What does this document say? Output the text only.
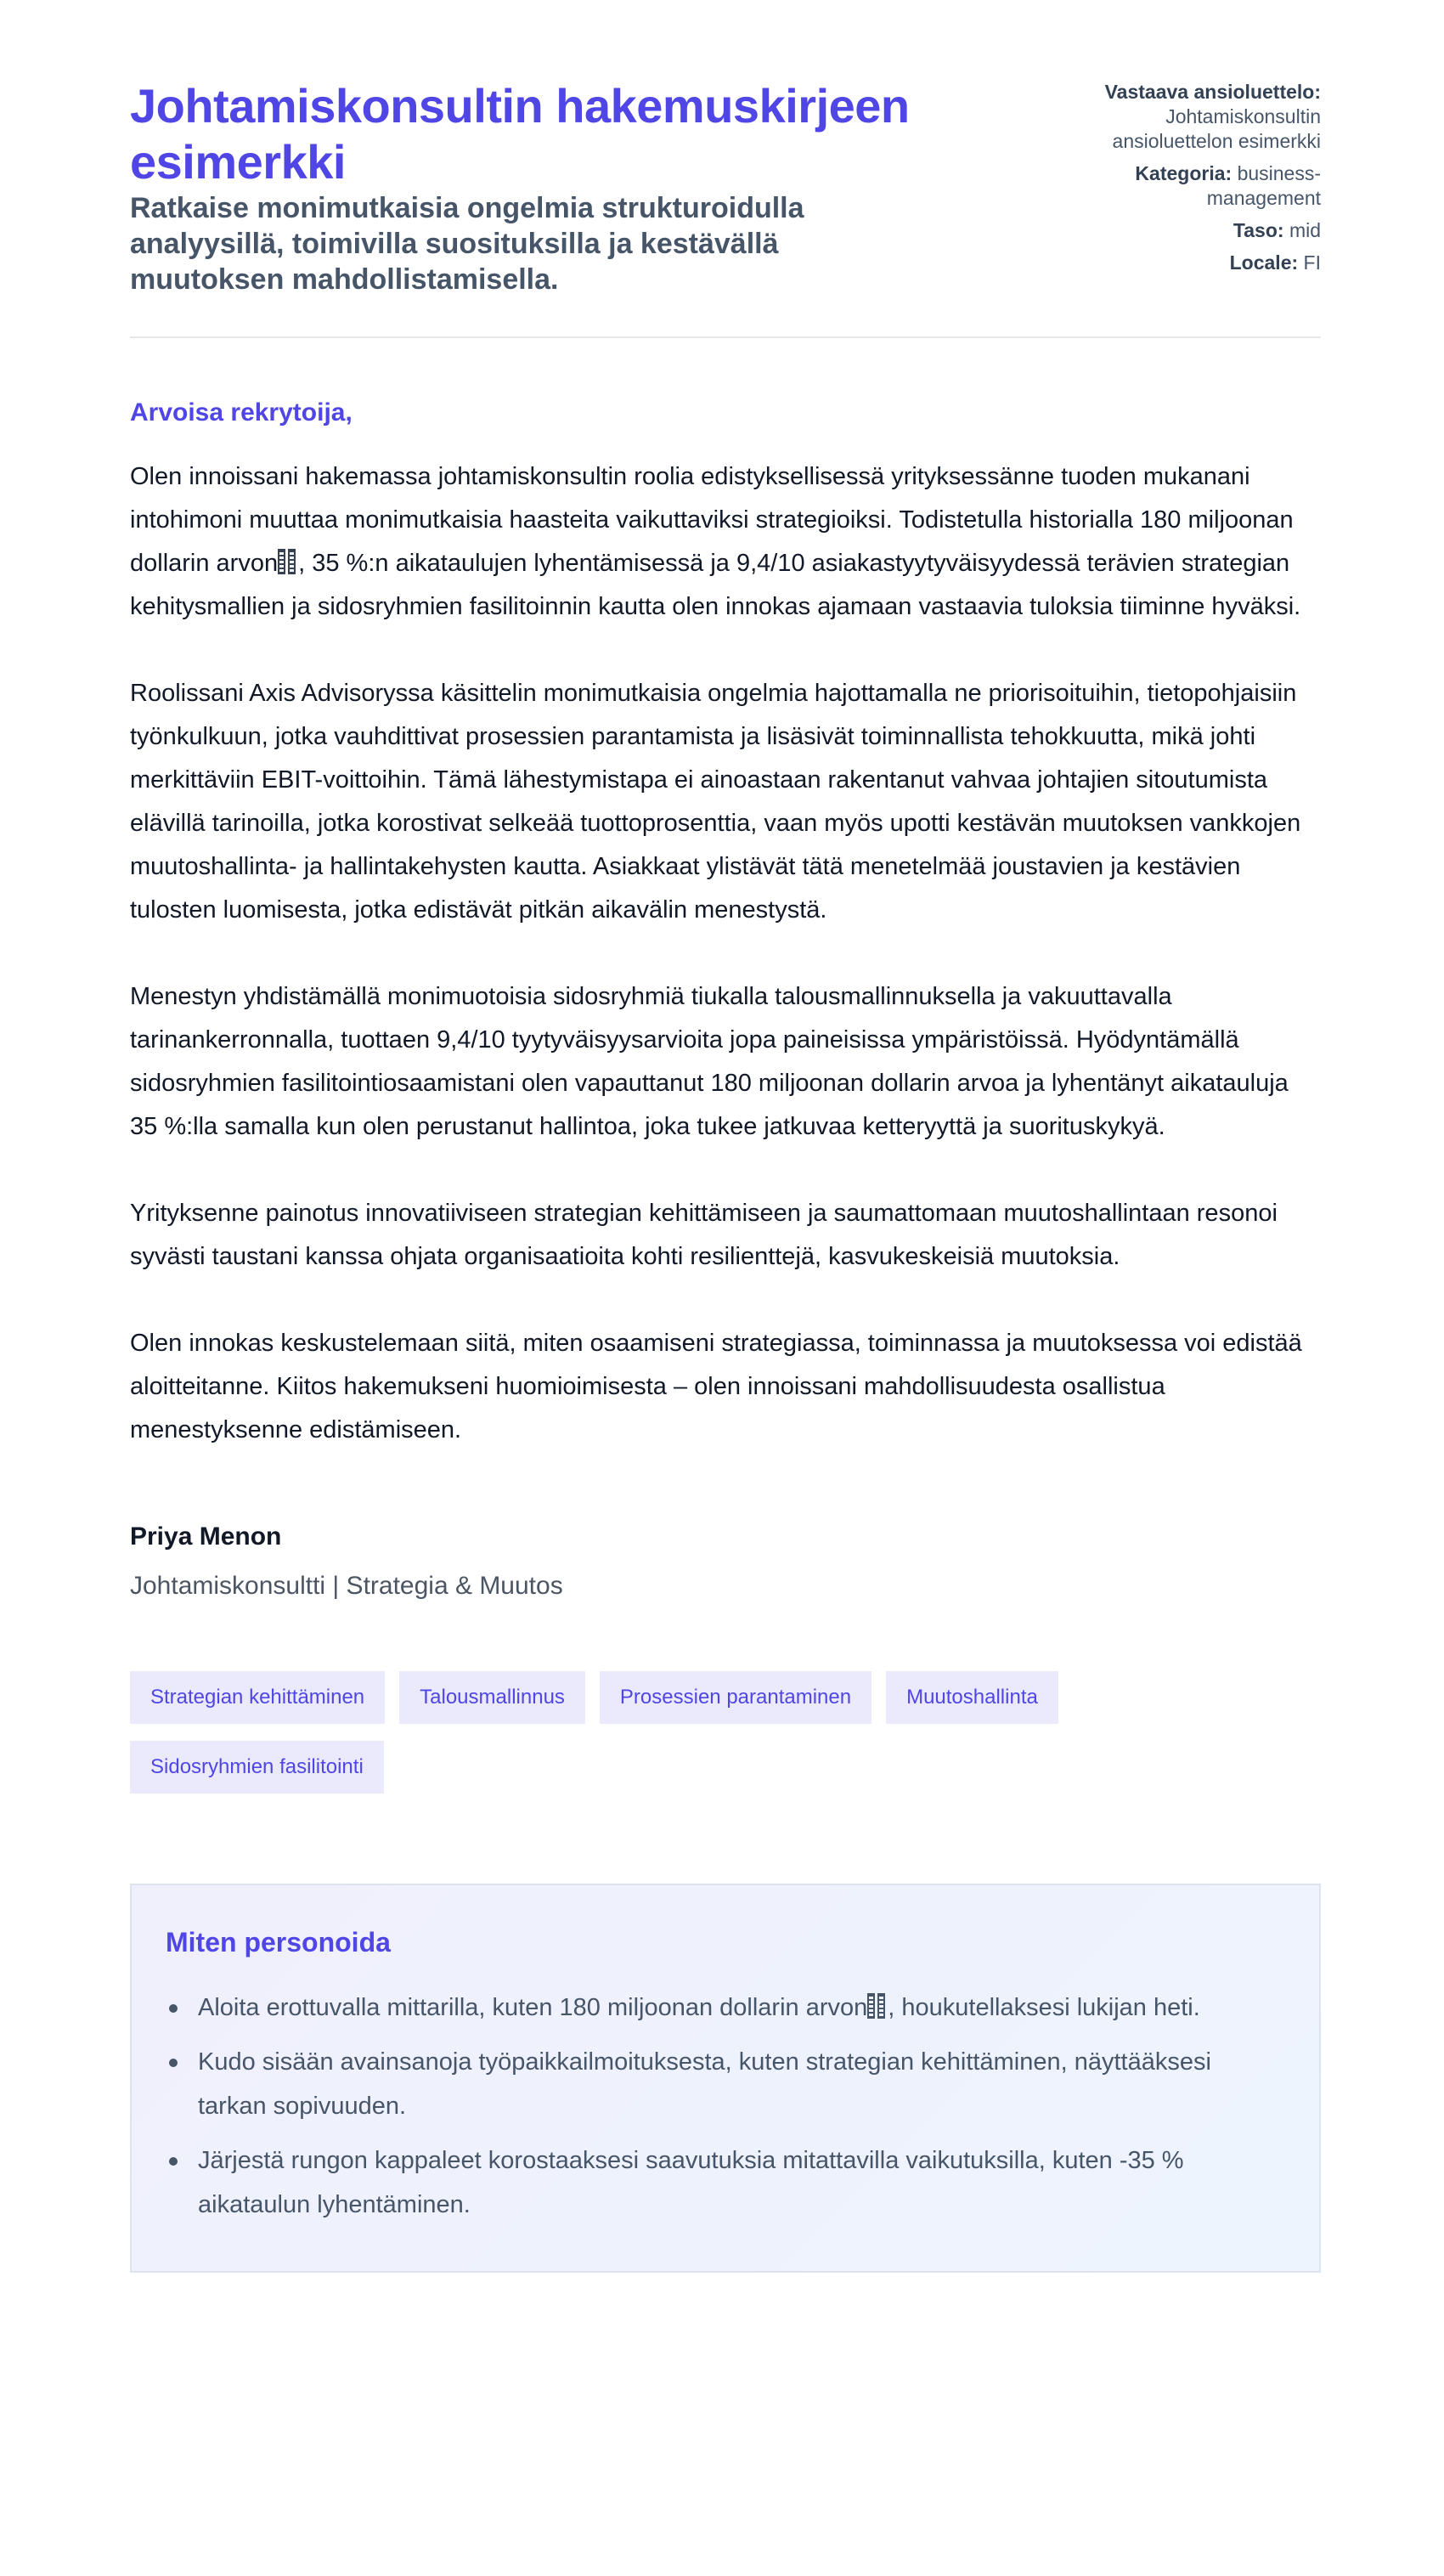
Johtamiskonsultin hakemuskirjeen esimerkki

Ratkaise monimutkaisia ongelmia strukturoidulla analyysillä, toimivilla suosituksilla ja kestävällä muutoksen mahdollistamisella.

Vastaava ansioluettelo: Johtamiskonsultin ansioluettelon esimerkki
Kategoria: business-management
Taso: mid
Locale: FI

Arvoisa rekrytoija,

Olen innoissani hakemassa johtamiskonsultin roolia edistyksellisessä yrityksessänne tuoden mukanani intohimoni muuttaa monimutkaisia haasteita vaikuttaviksi strategioiksi. Todistetulla historialla 180 miljoonan dollarin arvon , 35 %:n aikataulujen lyhentämisessä ja 9,4/10 asiakastyytyväisyydessä terävien strategian kehitysmallien ja sidosryhmien fasilitoinnin kautta olen innokas ajamaan vastaavia tuloksia tiiminne hyväksi.

Roolissani Axis Advisoryssa käsittelin monimutkaisia ongelmia hajottamalla ne priorisoituihin, tietopohjaisiin työnkulkuun, jotka vauhdittivat prosessien parantamista ja lisäsivät toiminnallista tehokkuutta, mikä johti merkittäviin EBIT-voittoihin. Tämä lähestymistapa ei ainoastaan rakentanut vahvaa johtajien sitoutumista elävillä tarinoilla, jotka korostivat selkeää tuottoprosenttia, vaan myös upotti kestävän muutoksen vankkojen muutoshallinta- ja hallintakehysten kautta. Asiakkaat ylistävät tätä menetelmää joustavien ja kestävien tulosten luomisesta, jotka edistävät pitkän aikavälin menestystä.

Menestyn yhdistämällä monimuotoisia sidosryhmiä tiukalla talousmallinnuksella ja vakuuttavalla tarinankerronnalla, tuottaen 9,4/10 tyytyväisyysarvioita jopa paineisissa ympäristöissä. Hyödyntämällä sidosryhmien fasilitointiosaamistani olen vapauttanut 180 miljoonan dollarin arvoa ja lyhentänyt aikatauluja 35 %:lla samalla kun olen perustanut hallintoa, joka tukee jatkuvaa ketteryyttä ja suorituskykyä.

Yrityksenne painotus innovatiiviseen strategian kehittämiseen ja saumattomaan muutoshallintaan resonoi syvästi taustani kanssa ohjata organisaatioita kohti resilienttejä, kasvukeskeisiä muutoksia.

Olen innokas keskustelemaan siitä, miten osaamiseni strategiassa, toiminnassa ja muutoksessa voi edistää aloitteitanne. Kiitos hakemukseni huomioimisesta – olen innoissani mahdollisuudesta osallistua menestyksenne edistämiseen.

Priya Menon

Johtamiskonsultti | Strategia & Muutos

Strategian kehittäminen	Talousmallinnus	Prosessien parantaminen	Muutoshallinta
Sidosryhmien fasilitointi
Miten personoida
Aloita erottuvalla mittarilla, kuten 180 miljoonan dollarin arvon , houkutellaksesi lukijan heti.
Kudo sisään avainsanoja työpaikkailmoituksesta, kuten strategian kehittäminen, näyttääksesi tarkan sopivuuden.
Järjestä rungon kappaleet korostaaksesi saavutuksia mitattavilla vaikutuksilla, kuten -35 % aikataulun lyhentäminen.
